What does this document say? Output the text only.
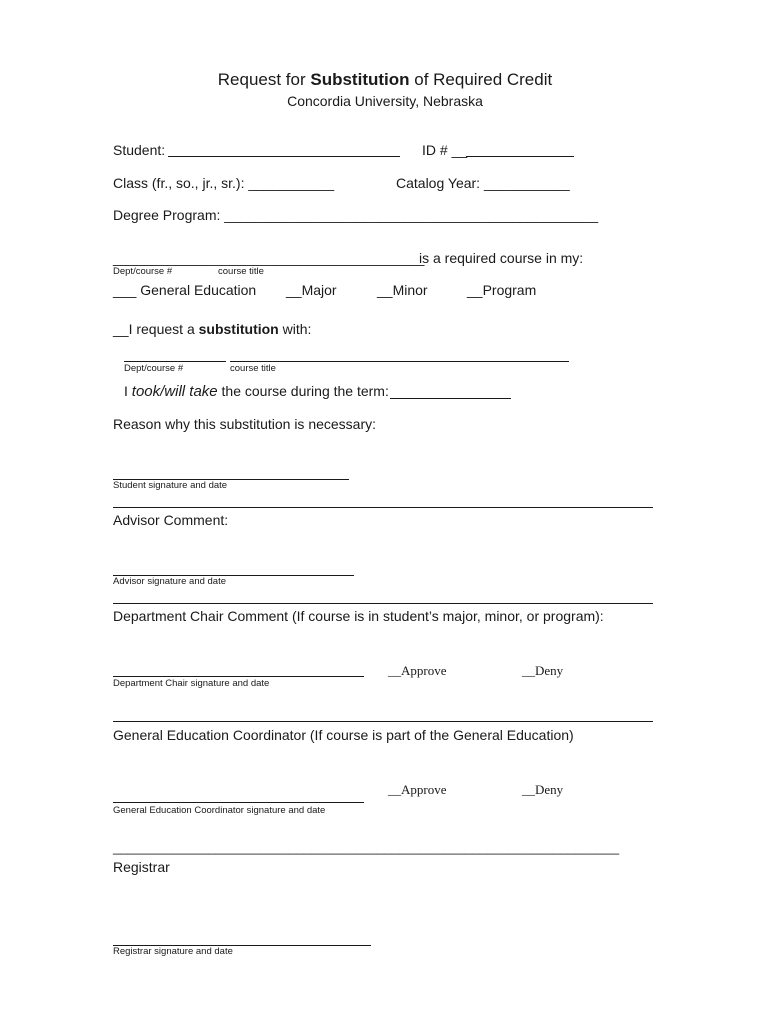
Request for Substitution of Required Credit
Concordia University, Nebraska
Student:	ID # __
Class (fr., so., jr., sr.): ___________	Catalog Year: ___________
Degree Program: ________________________________________________
________________________________________
is a required course in my:
Dept/course #	course title
___ General Education __Major	__Minor	__Program
__I request a substitution with:
Dept/course #	course title
I took/will take the course during the term:
Reason why this substitution is necessary:
Student signature and date
Advisor Comment:
Advisor signature and date
Department Chair Comment (If course is in student’s major, minor, or program):
__Approve	__Deny
Department Chair signature and date
General Education Coordinator (If course is part of the General Education)
__Approve	__Deny
General Education Coordinator signature and date
_____________________________________________________________________
Registrar
Registrar signature and date
